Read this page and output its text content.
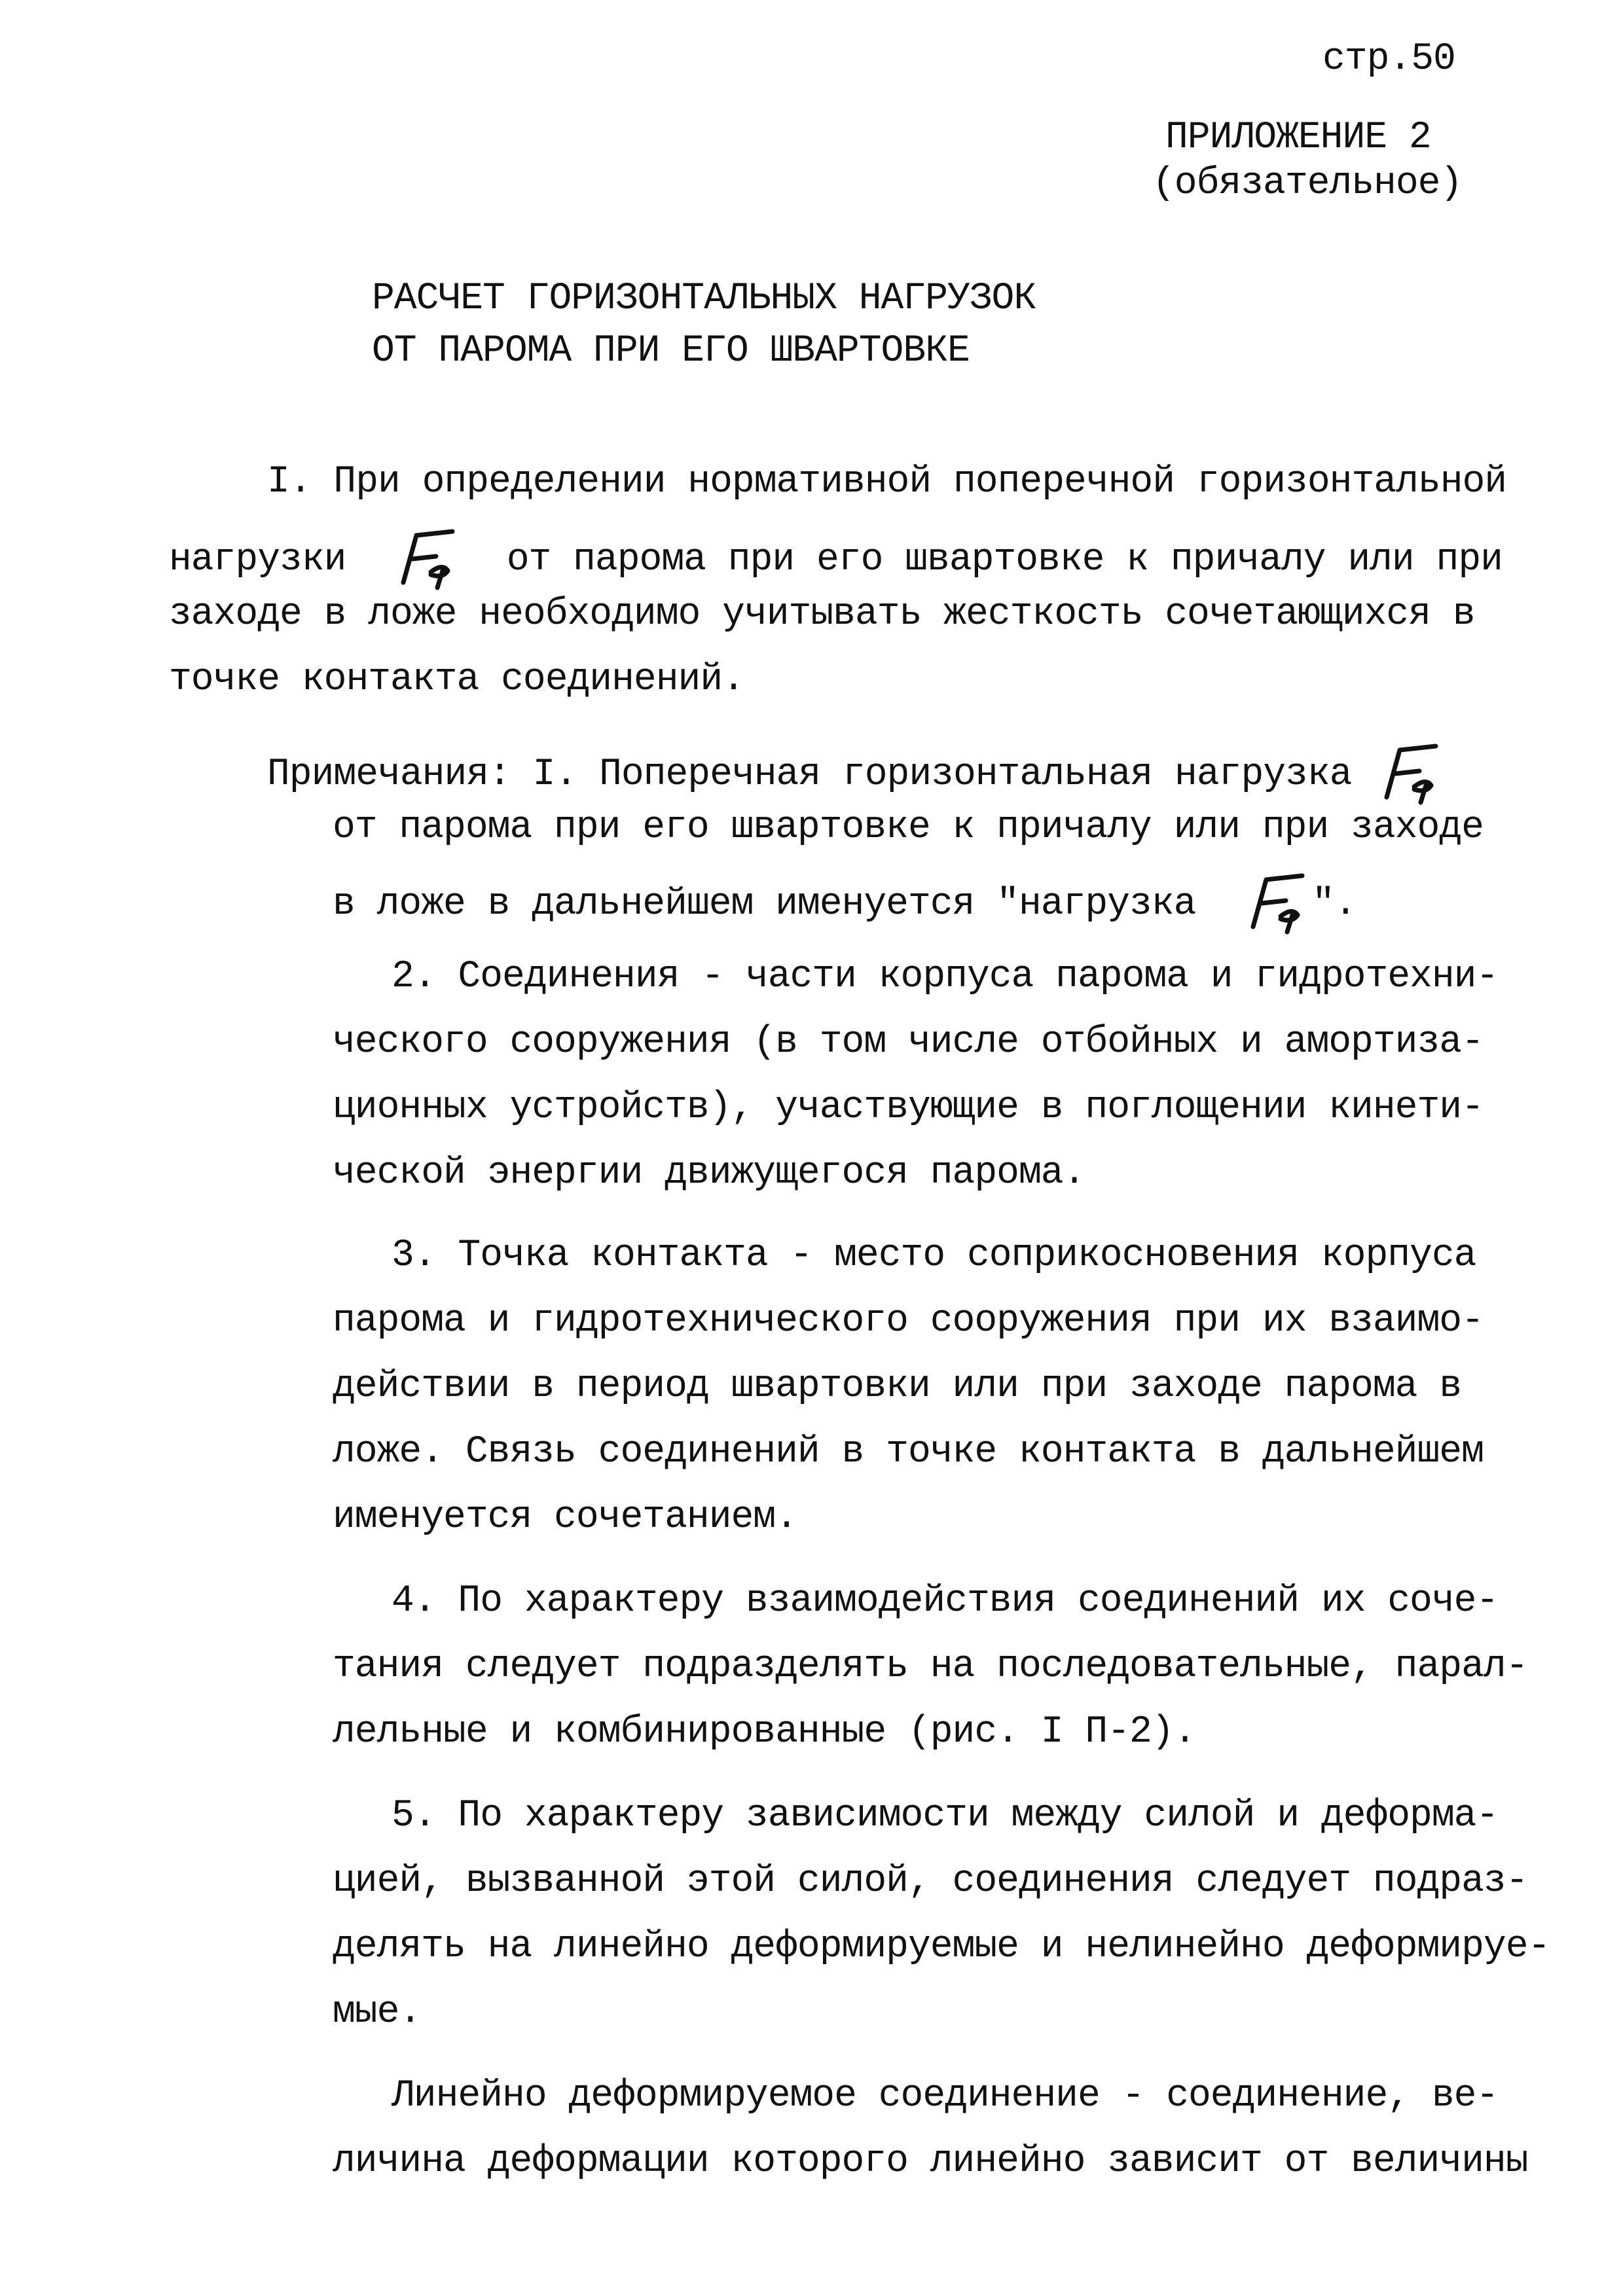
стр.50
ПРИЛОЖЕНИЕ 2
(обязательное)
РАСЧЕТ ГОРИЗОНТАЛЬНЫХ НАГРУЗОК
ОТ ПАРОМА ПРИ ЕГО ШВАРТОВКЕ
I. При определении нормативной поперечной горизонтальной
нагрузки	от парома при его швартовке к причалу или при
заходе в ложе необходимо учитывать жесткость сочетающихся в
точке контакта соединений.
Примечания: I. Поперечная горизонтальная нагрузка
от парома при его швартовке к причалу или при заходе
в ложе в дальнейшем именуется "нагрузка	".
2. Соединения - части корпуса парома и гидротехни-
ческого сооружения (в том числе отбойных и амортиза-
ционных устройств), участвующие в поглощении кинети-
ческой энергии движущегося парома.
3. Точка контакта - место соприкосновения корпуса
парома и гидротехнического сооружения при их взаимо-
действии в период швартовки или при заходе парома в
ложе. Связь соединений в точке контакта в дальнейшем
именуется сочетанием.
4. По характеру взаимодействия соединений их соче-
тания следует подразделять на последовательные, парал-
лельные и комбинированные (рис. I П-2).
5. По характеру зависимости между силой и деформа-
цией, вызванной этой силой, соединения следует подраз-
делять на линейно деформируемые и нелинейно деформируе-
мые.
Линейно деформируемое соединение - соединение, ве-
личина деформации которого линейно зависит от величины
